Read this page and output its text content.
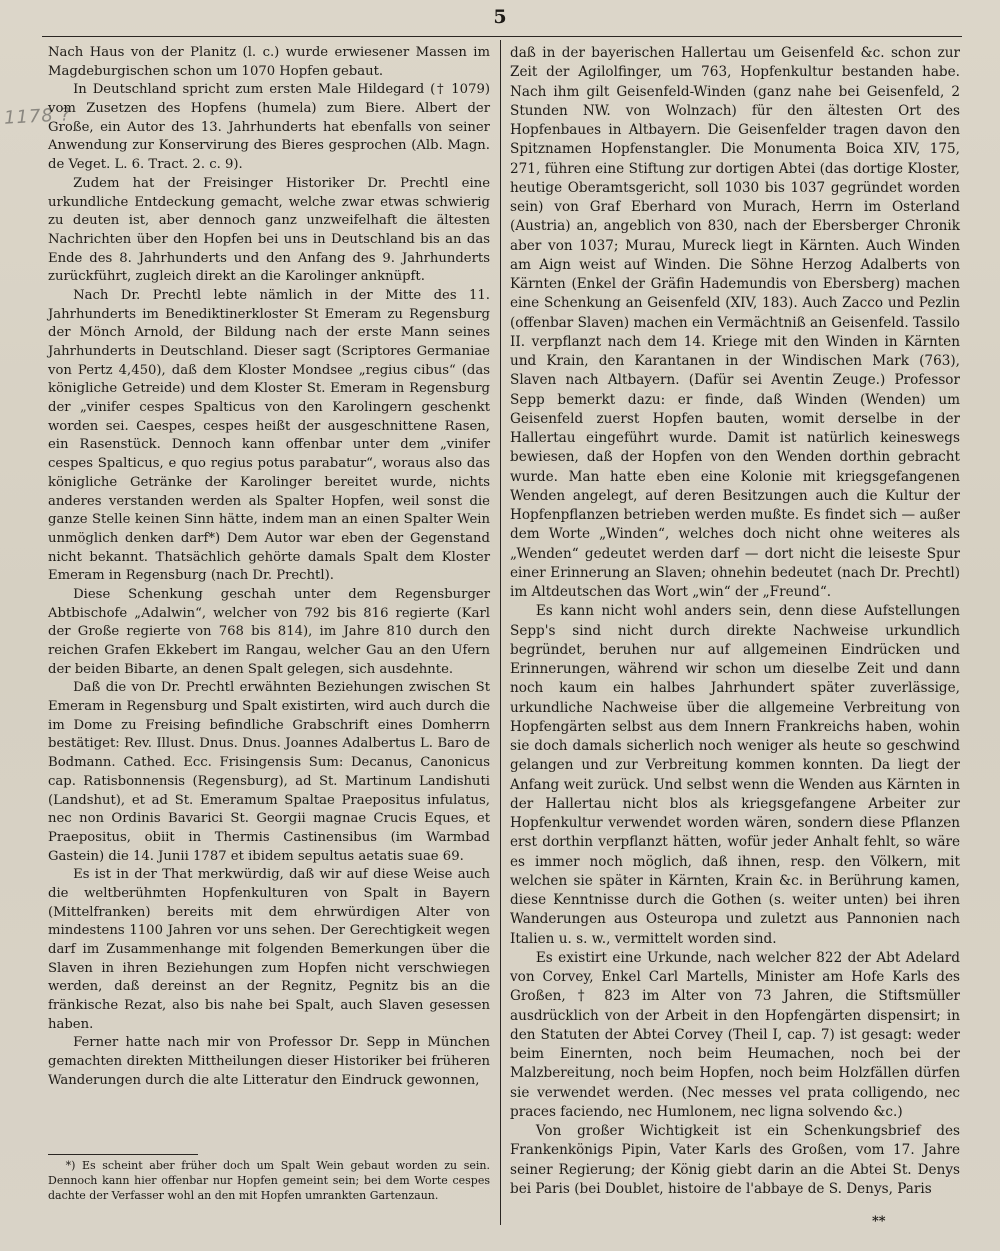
5
1178 ?

Nach Haus von der Planitz (l. c.) wurde erwiesener Massen im Magdeburgischen schon um 1070 Hopfen gebaut.

In Deutschland spricht zum ersten Male Hildegard († 1079) vom Zusetzen des Hopfens (humela) zum Biere. Albert der Große, ein Autor des 13. Jahrhunderts hat ebenfalls von seiner Anwendung zur Konservirung des Bieres gesprochen (Alb. Magn. de Veget. L. 6. Tract. 2. c. 9).

Zudem hat der Freisinger Historiker Dr. Prechtl eine urkundliche Entdeckung gemacht, welche zwar etwas schwierig zu deuten ist, aber dennoch ganz unzweifelhaft die ältesten Nachrichten über den Hopfen bei uns in Deutschland bis an das Ende des 8. Jahrhunderts und den Anfang des 9. Jahrhunderts zurückführt, zugleich direkt an die Karolinger anknüpft.

Nach Dr. Prechtl lebte nämlich in der Mitte des 11. Jahrhunderts im Benediktinerkloster St Emeram zu Regensburg der Mönch Arnold, der Bildung nach der erste Mann seines Jahrhunderts in Deutschland. Dieser sagt (Scriptores Germaniae von Pertz 4,450), daß dem Kloster Mondsee „regius cibus“ (das königliche Getreide) und dem Kloster St. Emeram in Regensburg der „vinifer cespes Spalticus von den Karolingern geschenkt worden sei. Caespes, cespes heißt der ausgeschnittene Rasen, ein Rasenstück. Dennoch kann offenbar unter dem „vinifer cespes Spalticus, e quo regius potus parabatur“, woraus also das königliche Getränke der Karolinger bereitet wurde, nichts anderes verstanden werden als Spalter Hopfen, weil sonst die ganze Stelle keinen Sinn hätte, indem man an einen Spalter Wein unmöglich denken darf*) Dem Autor war eben der Gegenstand nicht bekannt. Thatsächlich gehörte damals Spalt dem Kloster Emeram in Regensburg (nach Dr. Prechtl).

Diese Schenkung geschah unter dem Regensburger Abtbischofe „Adalwin“, welcher von 792 bis 816 regierte (Karl der Große regierte von 768 bis 814), im Jahre 810 durch den reichen Grafen Ekkebert im Rangau, welcher Gau an den Ufern der beiden Bibarte, an denen Spalt gelegen, sich ausdehnte.

Daß die von Dr. Prechtl erwähnten Beziehungen zwischen St Emeram in Regensburg und Spalt existirten, wird auch durch die im Dome zu Freising befindliche Grabschrift eines Domherrn bestätiget: Rev. Illust. Dnus. Dnus. Joannes Adalbertus L. Baro de Bodmann. Cathed. Ecc. Frisingensis Sum: Decanus, Canonicus cap. Ratisbonnensis (Regensburg), ad St. Martinum Landishuti (Landshut), et ad St. Emeramum Spaltae Praepositus infulatus, nec non Ordinis Bavarici St. Georgii magnae Crucis Eques, et Praepositus, obiit in Thermis Castinensibus (im Warmbad Gastein) die 14. Junii 1787 et ibidem sepultus aetatis suae 69.

Es ist in der That merkwürdig, daß wir auf diese Weise auch die weltberühmten Hopfenkulturen von Spalt in Bayern (Mittelfranken) bereits mit dem ehrwürdigen Alter von mindestens 1100 Jahren vor uns sehen. Der Gerechtigkeit wegen darf im Zusammenhange mit folgenden Bemerkungen über die Slaven in ihren Beziehungen zum Hopfen nicht verschwiegen werden, daß dereinst an der Regnitz, Pegnitz bis an die fränkische Rezat, also bis nahe bei Spalt, auch Slaven gesessen haben.

Ferner hatte nach mir von Professor Dr. Sepp in München gemachten direkten Mittheilungen dieser Historiker bei früheren Wanderungen durch die alte Litteratur den Eindruck gewonnen,

daß in der bayerischen Hallertau um Geisenfeld &c. schon zur Zeit der Agilolfinger, um 763, Hopfenkultur bestanden habe. Nach ihm gilt Geisenfeld-Winden (ganz nahe bei Geisenfeld, 2 Stunden NW. von Wolnzach) für den ältesten Ort des Hopfenbaues in Altbayern. Die Geisenfelder tragen davon den Spitznamen Hopfenstangler. Die Monumenta Boica XIV, 175, 271, führen eine Stiftung zur dortigen Abtei (das dortige Kloster, heutige Oberamtsgericht, soll 1030 bis 1037 gegründet worden sein) von Graf Eberhard von Murach, Herrn im Osterland (Austria) an, angeblich von 830, nach der Ebersberger Chronik aber von 1037; Murau, Mureck liegt in Kärnten. Auch Winden am Aign weist auf Winden. Die Söhne Herzog Adalberts von Kärnten (Enkel der Gräfin Hademundis von Ebersberg) machen eine Schenkung an Geisenfeld (XIV, 183). Auch Zacco und Pezlin (offenbar Slaven) machen ein Vermächtniß an Geisenfeld. Tassilo II. verpflanzt nach dem 14. Kriege mit den Winden in Kärnten und Krain, den Karantanen in der Windischen Mark (763), Slaven nach Altbayern. (Dafür sei Aventin Zeuge.) Professor Sepp bemerkt dazu: er finde, daß Winden (Wenden) um Geisenfeld zuerst Hopfen bauten, womit derselbe in der Hallertau eingeführt wurde. Damit ist natürlich keineswegs bewiesen, daß der Hopfen von den Wenden dorthin gebracht wurde. Man hatte eben eine Kolonie mit kriegsgefangenen Wenden angelegt, auf deren Besitzungen auch die Kultur der Hopfenpflanzen betrieben werden mußte. Es findet sich — außer dem Worte „Winden“, welches doch nicht ohne weiteres als „Wenden“ gedeutet werden darf — dort nicht die leiseste Spur einer Erinnerung an Slaven; ohnehin bedeutet (nach Dr. Prechtl) im Altdeutschen das Wort „win“ der „Freund“.

Es kann nicht wohl anders sein, denn diese Aufstellungen Sepp's sind nicht durch direkte Nachweise urkundlich begründet, beruhen nur auf allgemeinen Eindrücken und Erinnerungen, während wir schon um dieselbe Zeit und dann noch kaum ein halbes Jahrhundert später zuverlässige, urkundliche Nachweise über die allgemeine Verbreitung von Hopfengärten selbst aus dem Innern Frankreichs haben, wohin sie doch damals sicherlich noch weniger als heute so geschwind gelangen und zur Verbreitung kommen konnten. Da liegt der Anfang weit zurück. Und selbst wenn die Wenden aus Kärnten in der Hallertau nicht blos als kriegsgefangene Arbeiter zur Hopfenkultur verwendet worden wären, sondern diese Pflanzen erst dorthin verpflanzt hätten, wofür jeder Anhalt fehlt, so wäre es immer noch möglich, daß ihnen, resp. den Völkern, mit welchen sie später in Kärnten, Krain &c. in Berührung kamen, diese Kenntnisse durch die Gothen (s. weiter unten) bei ihren Wanderungen aus Osteuropa und zuletzt aus Pannonien nach Italien u. s. w., vermittelt worden sind.

Es existirt eine Urkunde, nach welcher 822 der Abt Adelard von Corvey, Enkel Carl Martells, Minister am Hofe Karls des Großen, † 823 im Alter von 73 Jahren, die Stiftsmüller ausdrücklich von der Arbeit in den Hopfengärten dispensirt; in den Statuten der Abtei Corvey (Theil I, cap. 7) ist gesagt: weder beim Einernten, noch beim Heumachen, noch bei der Malzbereitung, noch beim Hopfen, noch beim Holzfällen dürfen sie verwendet werden. (Nec messes vel prata colligendo, nec praces faciendo, nec Humlonem, nec ligna solvendo &c.)

Von großer Wichtigkeit ist ein Schenkungsbrief des Frankenkönigs Pipin, Vater Karls des Großen, vom 17. Jahre seiner Regierung; der König giebt darin an die Abtei St. Denys bei Paris (bei Doublet, histoire de l'abbaye de S. Denys, Paris

*) Es scheint aber früher doch um Spalt Wein gebaut worden zu sein. Dennoch kann hier offenbar nur Hopfen gemeint sein; bei dem Worte cespes dachte der Verfasser wohl an den mit Hopfen umrankten Gartenzaun.

**
